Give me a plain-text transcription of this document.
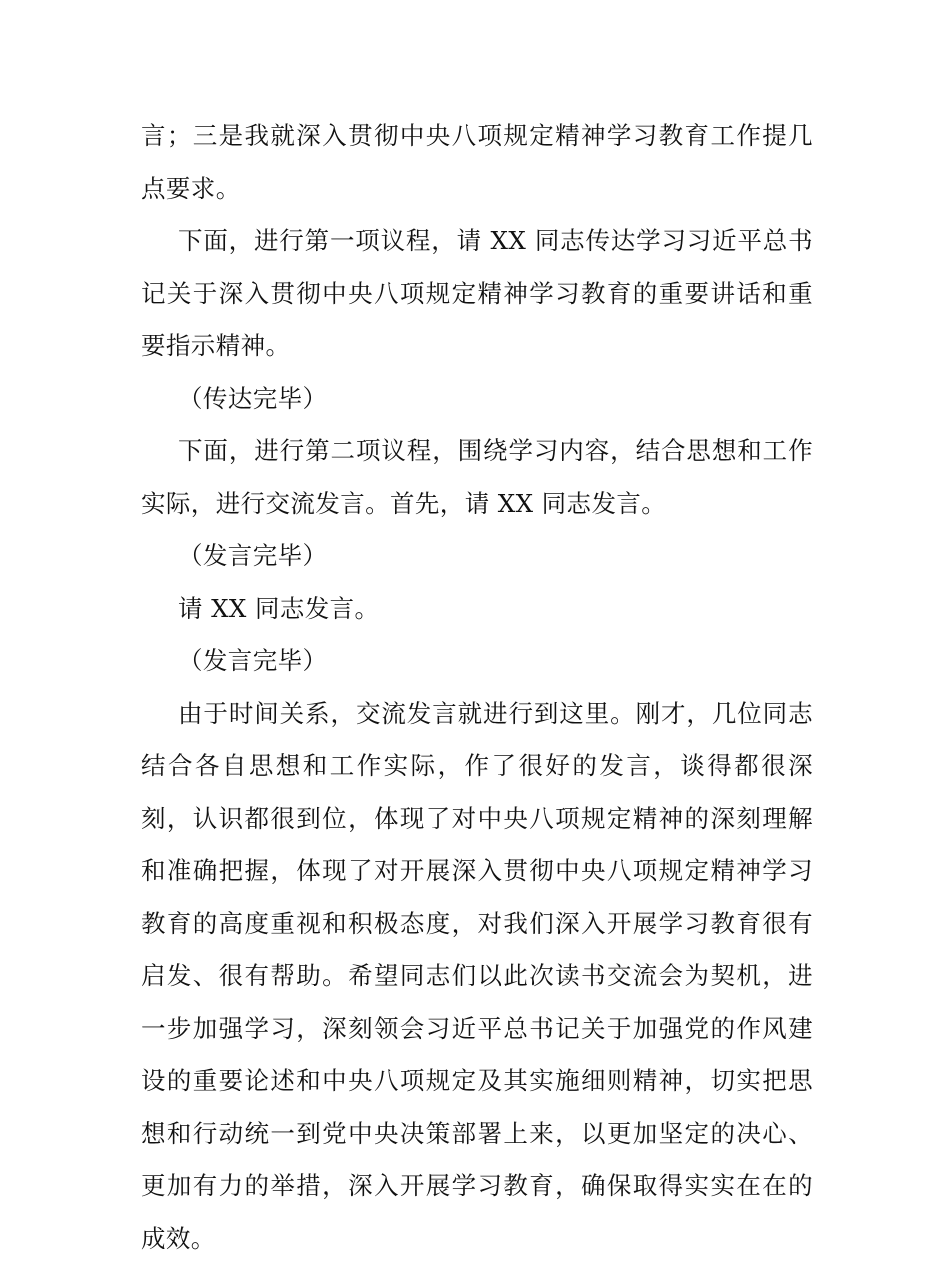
言；三是我就深入贯彻中央八项规定精神学习教育工作提几点要求。

下面，进行第一项议程，请 XX 同志传达学习习近平总书记关于深入贯彻中央八项规定精神学习教育的重要讲话和重要指示精神。

（传达完毕）

下面，进行第二项议程，围绕学习内容，结合思想和工作实际，进行交流发言。首先，请 XX 同志发言。

（发言完毕）

请 XX 同志发言。

（发言完毕）

由于时间关系，交流发言就进行到这里。刚才，几位同志结合各自思想和工作实际，作了很好的发言，谈得都很深刻，认识都很到位，体现了对中央八项规定精神的深刻理解和准确把握，体现了对开展深入贯彻中央八项规定精神学习教育的高度重视和积极态度，对我们深入开展学习教育很有启发、很有帮助。希望同志们以此次读书交流会为契机，进一步加强学习，深刻领会习近平总书记关于加强党的作风建设的重要论述和中央八项规定及其实施细则精神，切实把思想和行动统一到党中央决策部署上来，以更加坚定的决心、更加有力的举措，深入开展学习教育，确保取得实实在在的成效。
